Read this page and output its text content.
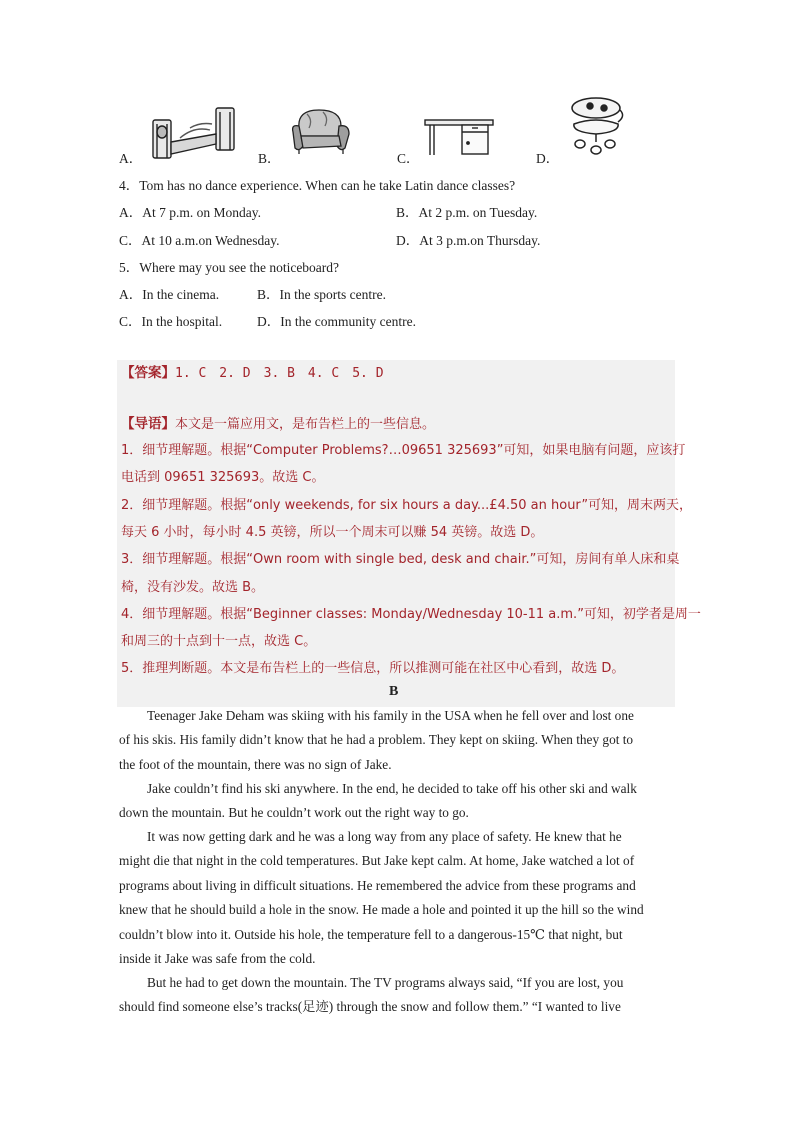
A．	B．	C．	D．
4．Tom has no dance experience. When can he take Latin dance classes?
A．At 7 p.m. on Monday.	B．At 2 p.m. on Tuesday.
C．At 10 a.m.on Wednesday.	D．At 3 p.m.on Thursday.
5．Where may you see the noticeboard?
A．In the cinema.	B．In the sports centre.
C．In the hospital.	D．In the community centre.
【答案】1. C　2. D　3. B　4. C　5. D
【导语】本文是一篇应用文，是布告栏上的一些信息。
1．细节理解题。根据“Computer Problems?…09651 325693”可知，如果电脑有问题，应该打
电话到 09651 325693。故选 C。
2．细节理解题。根据“only weekends, for six hours a day...£4.50 an hour”可知，周末两天，
每天 6 小时，每小时 4.5 英镑，所以一个周末可以赚 54 英镑。故选 D。
3．细节理解题。根据“Own room with single bed, desk and chair.”可知，房间有单人床和桌
椅，没有沙发。故选 B。
4．细节理解题。根据“Beginner classes: Monday/Wednesday 10-11 a.m.”可知，初学者是周一
和周三的十点到十一点，故选 C。
5．推理判断题。本文是布告栏上的一些信息，所以推测可能在社区中心看到，故选 D。
B
Teenager Jake Deham was skiing with his family in the USA when he fell over and lost one
of his skis. His family didn’t know that he had a problem. They kept on skiing. When they got to
the foot of the mountain, there was no sign of Jake.
Jake couldn’t find his ski anywhere. In the end, he decided to take off his other ski and walk
down the mountain. But he couldn’t work out the right way to go.
It was now getting dark and he was a long way from any place of safety. He knew that he
might die that night in the cold temperatures. But Jake kept calm. At home, Jake watched a lot of
programs about living in difficult situations. He remembered the advice from these programs and
knew that he should build a hole in the snow. He made a hole and pointed it up the hill so the wind
couldn’t blow into it. Outside his hole, the temperature fell to a dangerous-15℃ that night, but
inside it Jake was safe from the cold.
But he had to get down the mountain. The TV programs always said, “If you are lost, you
should find someone else’s tracks(足迹) through the snow and follow them.” “I wanted to live
